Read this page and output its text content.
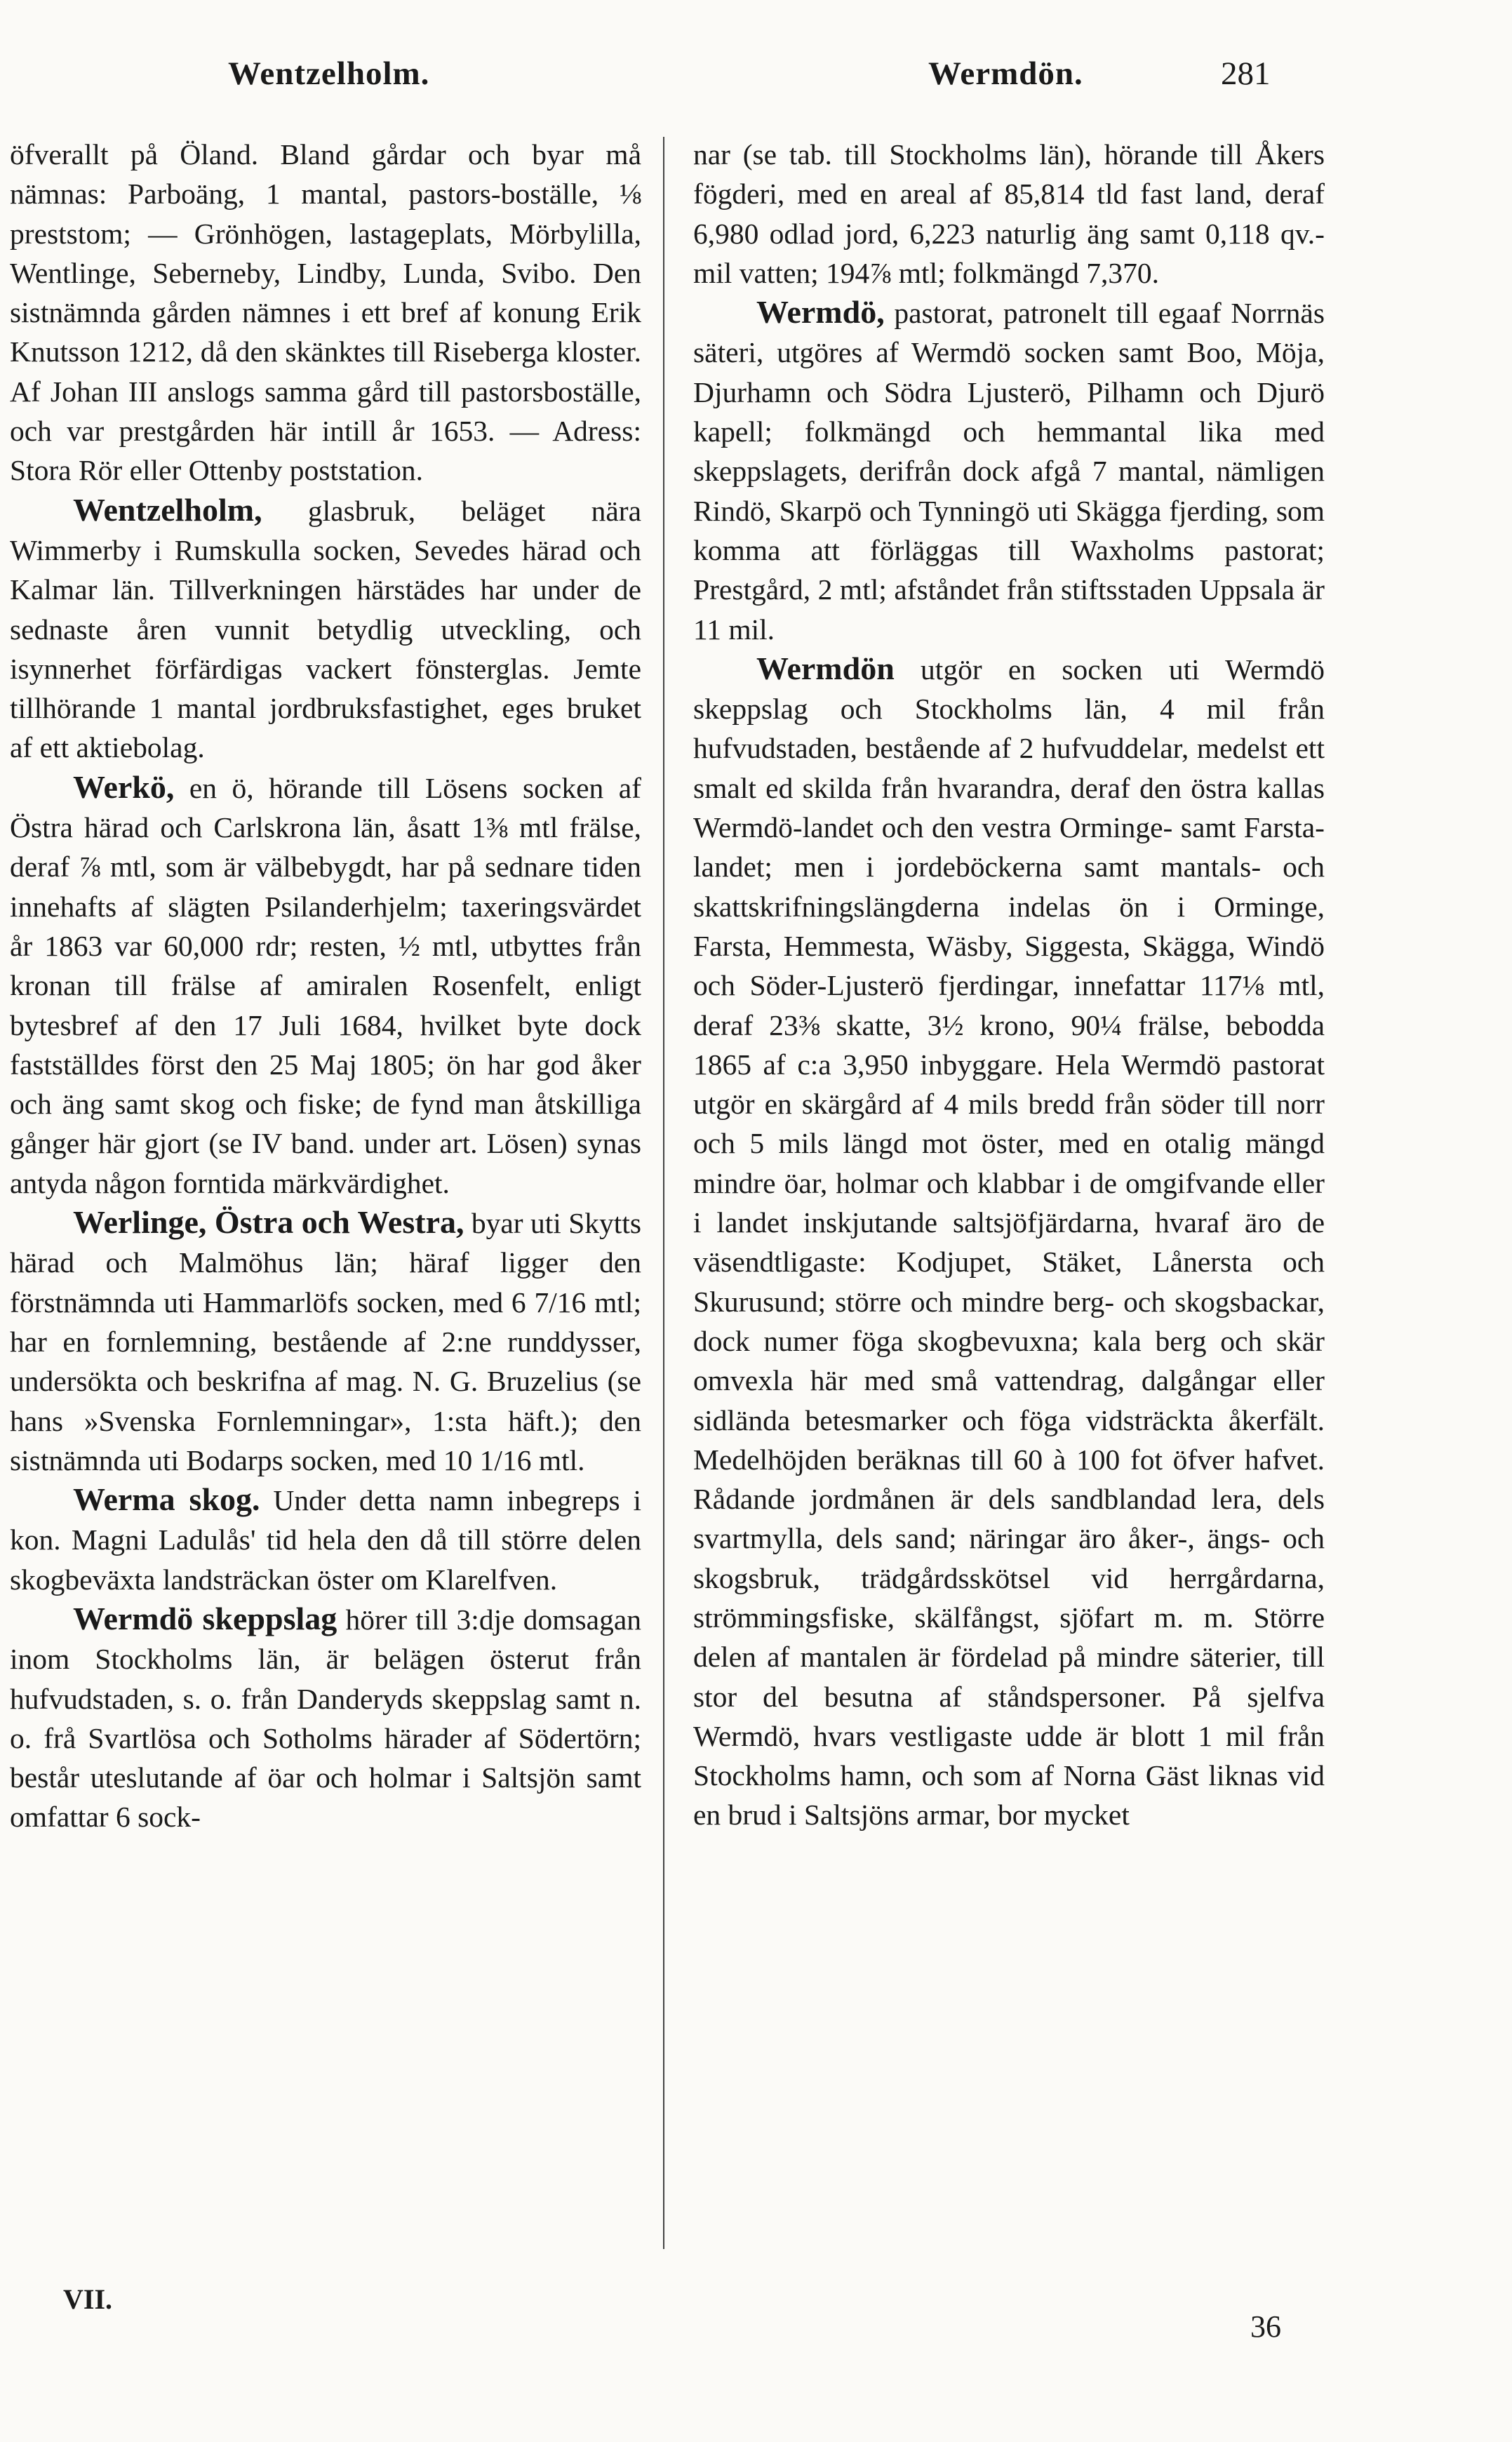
Wentzelholm.	Wermdön.	281

öfverallt på Öland. Bland gårdar och byar må nämnas: Parboäng, 1 mantal, pastors-boställe, ⅛ preststom; — Grönhögen, lastageplats, Mörbylilla, Wentlinge, Seberneby, Lindby, Lunda, Svibo. Den sistnämnda gården nämnes i ett bref af konung Erik Knutsson 1212, då den skänktes till Riseberga kloster. Af Johan III anslogs samma gård till pastorsboställe, och var prestgården här intill år 1653. — Adress: Stora Rör eller Ottenby poststation.

Wentzelholm, glasbruk, beläget nära Wimmerby i Rumskulla socken, Sevedes härad och Kalmar län. Tillverkningen härstädes har under de sednaste åren vunnit betydlig utveckling, och isynnerhet förfärdigas vackert fönsterglas. Jemte tillhörande 1 mantal jordbruksfastighet, eges bruket af ett aktiebolag.

Werkö, en ö, hörande till Lösens socken af Östra härad och Carlskrona län, åsatt 1⅜ mtl frälse, deraf ⅞ mtl, som är välbebygdt, har på sednare tiden innehafts af slägten Psilanderhjelm; taxeringsvärdet år 1863 var 60,000 rdr; resten, ½ mtl, utbyttes från kronan till frälse af amiralen Rosenfelt, enligt bytesbref af den 17 Juli 1684, hvilket byte dock fastställdes först den 25 Maj 1805; ön har god åker och äng samt skog och fiske; de fynd man åtskilliga gånger här gjort (se IV band. under art. Lösen) synas antyda någon forntida märkvärdighet.

Werlinge, Östra och Westra, byar uti Skytts härad och Malmöhus län; häraf ligger den förstnämnda uti Hammarlöfs socken, med 6 7/16 mtl; har en fornlemning, bestående af 2:ne runddysser, undersökta och beskrifna af mag. N. G. Bruzelius (se hans »Svenska Fornlemningar», 1:sta häft.); den sistnämnda uti Bodarps socken, med 10 1/16 mtl.

Werma skog. Under detta namn inbegreps i kon. Magni Ladulås' tid hela den då till större delen skogbeväxta landsträckan öster om Klarelfven.

Wermdö skeppslag hörer till 3:dje domsagan inom Stockholms län, är belägen österut från hufvudstaden, s. o. från Danderyds skeppslag samt n. o. frå Svartlösa och Sotholms härader af Södertörn; består uteslutande af öar och holmar i Saltsjön samt omfattar 6 sock-

nar (se tab. till Stockholms län), hörande till Åkers fögderi, med en areal af 85,814 tld fast land, deraf 6,980 odlad jord, 6,223 naturlig äng samt 0,118 qv.-mil vatten; 194⅞ mtl; folkmängd 7,370.

Wermdö, pastorat, patronelt till egaaf Norrnäs säteri, utgöres af Wermdö socken samt Boo, Möja, Djurhamn och Södra Ljusterö, Pilhamn och Djurö kapell; folkmängd och hemmantal lika med skeppslagets, derifrån dock afgå 7 mantal, nämligen Rindö, Skarpö och Tynningö uti Skägga fjerding, som komma att förläggas till Waxholms pastorat; Prestgård, 2 mtl; afståndet från stiftsstaden Uppsala är 11 mil.

Wermdön utgör en socken uti Wermdö skeppslag och Stockholms län, 4 mil från hufvudstaden, bestående af 2 hufvuddelar, medelst ett smalt ed skilda från hvarandra, deraf den östra kallas Wermdö-landet och den vestra Orminge- samt Farsta-landet; men i jordeböckerna samt mantals- och skattskrifningslängderna indelas ön i Orminge, Farsta, Hemmesta, Wäsby, Siggesta, Skägga, Windö och Söder-Ljusterö fjerdingar, innefattar 117⅛ mtl, deraf 23⅜ skatte, 3½ krono, 90¼ frälse, bebodda 1865 af c:a 3,950 inbyggare. Hela Wermdö pastorat utgör en skärgård af 4 mils bredd från söder till norr och 5 mils längd mot öster, med en otalig mängd mindre öar, holmar och klabbar i de omgifvande eller i landet inskjutande saltsjöfjärdarna, hvaraf äro de väsendtligaste: Kodjupet, Stäket, Lånersta och Skurusund; större och mindre berg- och skogsbackar, dock numer föga skogbevuxna; kala berg och skär omvexla här med små vattendrag, dalgångar eller sidlända betesmarker och föga vidsträckta åkerfält. Medelhöjden beräknas till 60 à 100 fot öfver hafvet. Rådande jordmånen är dels sandblandad lera, dels svartmylla, dels sand; näringar äro åker-, ängs- och skogsbruk, trädgårdsskötsel vid herrgårdarna, strömmingsfiske, skälfångst, sjöfart m. m. Större delen af mantalen är fördelad på mindre säterier, till stor del besutna af ståndspersoner. På sjelfva Wermdö, hvars vestligaste udde är blott 1 mil från Stockholms hamn, och som af Norna Gäst liknas vid en brud i Saltsjöns armar, bor mycket

VII.
36
